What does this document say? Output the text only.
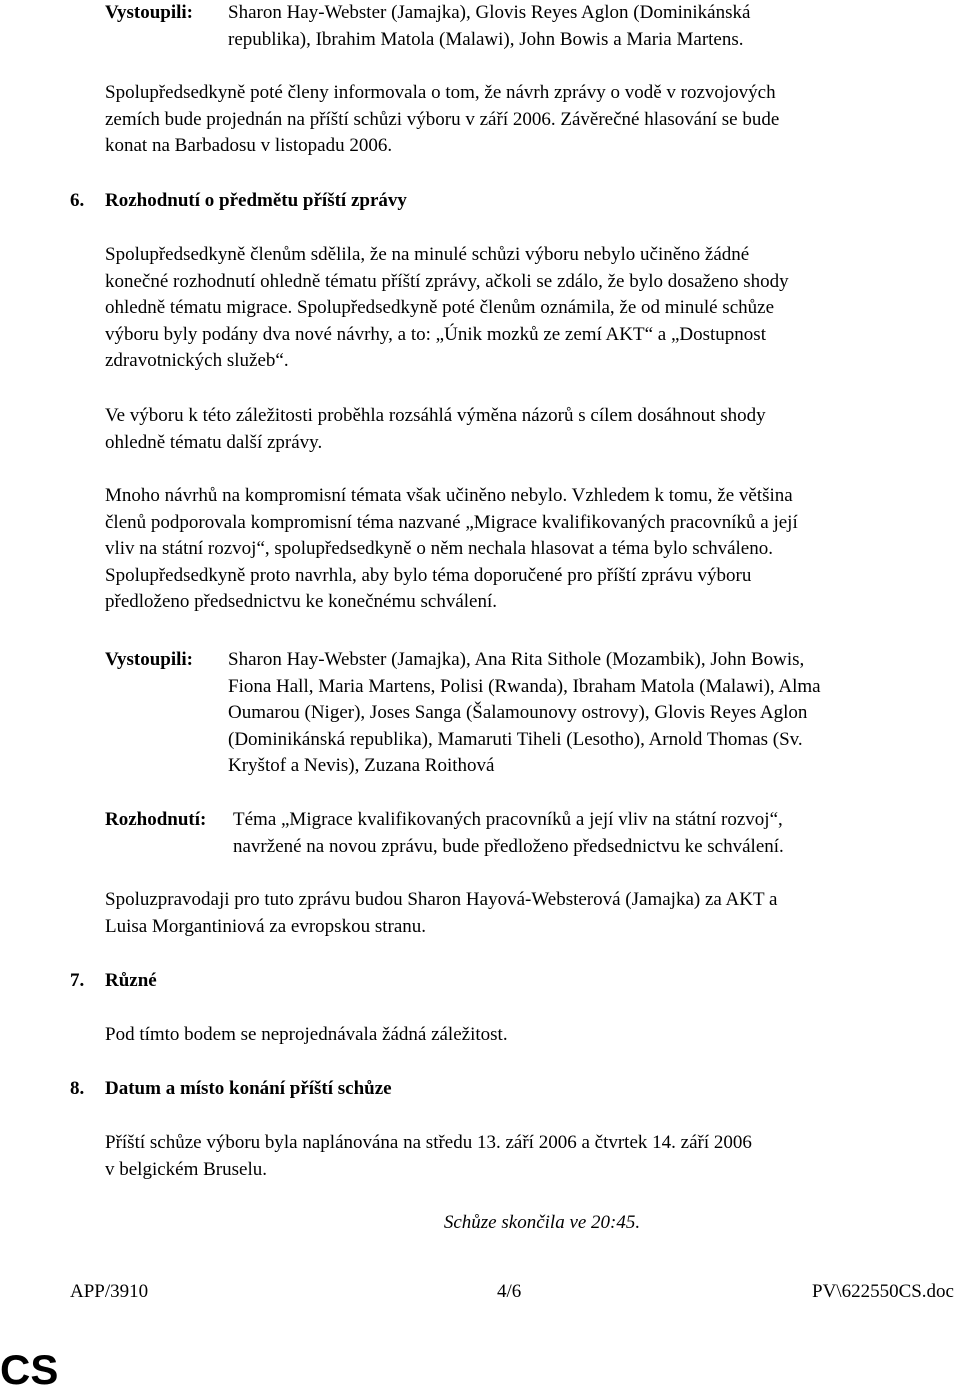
Vystoupili: Sharon Hay-Webster (Jamajka), Glovis Reyes Aglon (Dominikánská
republika), Ibrahim Matola (Malawi), John Bowis a Maria Martens.
Spolupředsedkyně poté členy informovala o tom, že návrh zprávy o vodě v rozvojových
zemích bude projednán na příští schůzi výboru v září 2006. Závěrečné hlasování se bude
konat na Barbadosu v listopadu 2006.
6. Rozhodnutí o předmětu příští zprávy
Spolupředsedkyně členům sdělila, že na minulé schůzi výboru nebylo učiněno žádné
konečné rozhodnutí ohledně tématu příští zprávy, ačkoli se zdálo, že bylo dosaženo shody
ohledně tématu migrace. Spolupředsedkyně poté členům oznámila, že od minulé schůze
výboru byly podány dva nové návrhy, a to: „Únik mozků ze zemí AKT“ a „Dostupnost
zdravotnických služeb“.
Ve výboru k této záležitosti proběhla rozsáhlá výměna názorů s cílem dosáhnout shody
ohledně tématu další zprávy.
Mnoho návrhů na kompromisní témata však učiněno nebylo. Vzhledem k tomu, že většina
členů podporovala kompromisní téma nazvané „Migrace kvalifikovaných pracovníků a její
vliv na státní rozvoj“, spolupředsedkyně o něm nechala hlasovat a téma bylo schváleno.
Spolupředsedkyně proto navrhla, aby bylo téma doporučené pro příští zprávu výboru
předloženo předsednictvu ke konečnému schválení.
Vystoupili: Sharon Hay-Webster (Jamajka), Ana Rita Sithole (Mozambik), John Bowis,
Fiona Hall, Maria Martens, Polisi (Rwanda), Ibraham Matola (Malawi), Alma
Oumarou (Niger), Joses Sanga (Šalamounovy ostrovy), Glovis Reyes Aglon
(Dominikánská republika), Mamaruti Tiheli (Lesotho), Arnold Thomas (Sv.
Kryštof a Nevis), Zuzana Roithová
Rozhodnutí: Téma „Migrace kvalifikovaných pracovníků a její vliv na státní rozvoj“,
navržené na novou zprávu, bude předloženo předsednictvu ke schválení.
Spoluzpravodaji pro tuto zprávu budou Sharon Hayová-Websterová (Jamajka) za AKT a
Luisa Morgantiniová za evropskou stranu.
7. Různé
Pod tímto bodem se neprojednávala žádná záležitost.
8. Datum a místo konání příští schůze
Příští schůze výboru byla naplánována na středu 13. září 2006 a čtvrtek 14. září 2006
v belgickém Bruselu.
Schůze skončila ve 20:45.
APP/3910	4/6	PV\622550CS.doc
CS
